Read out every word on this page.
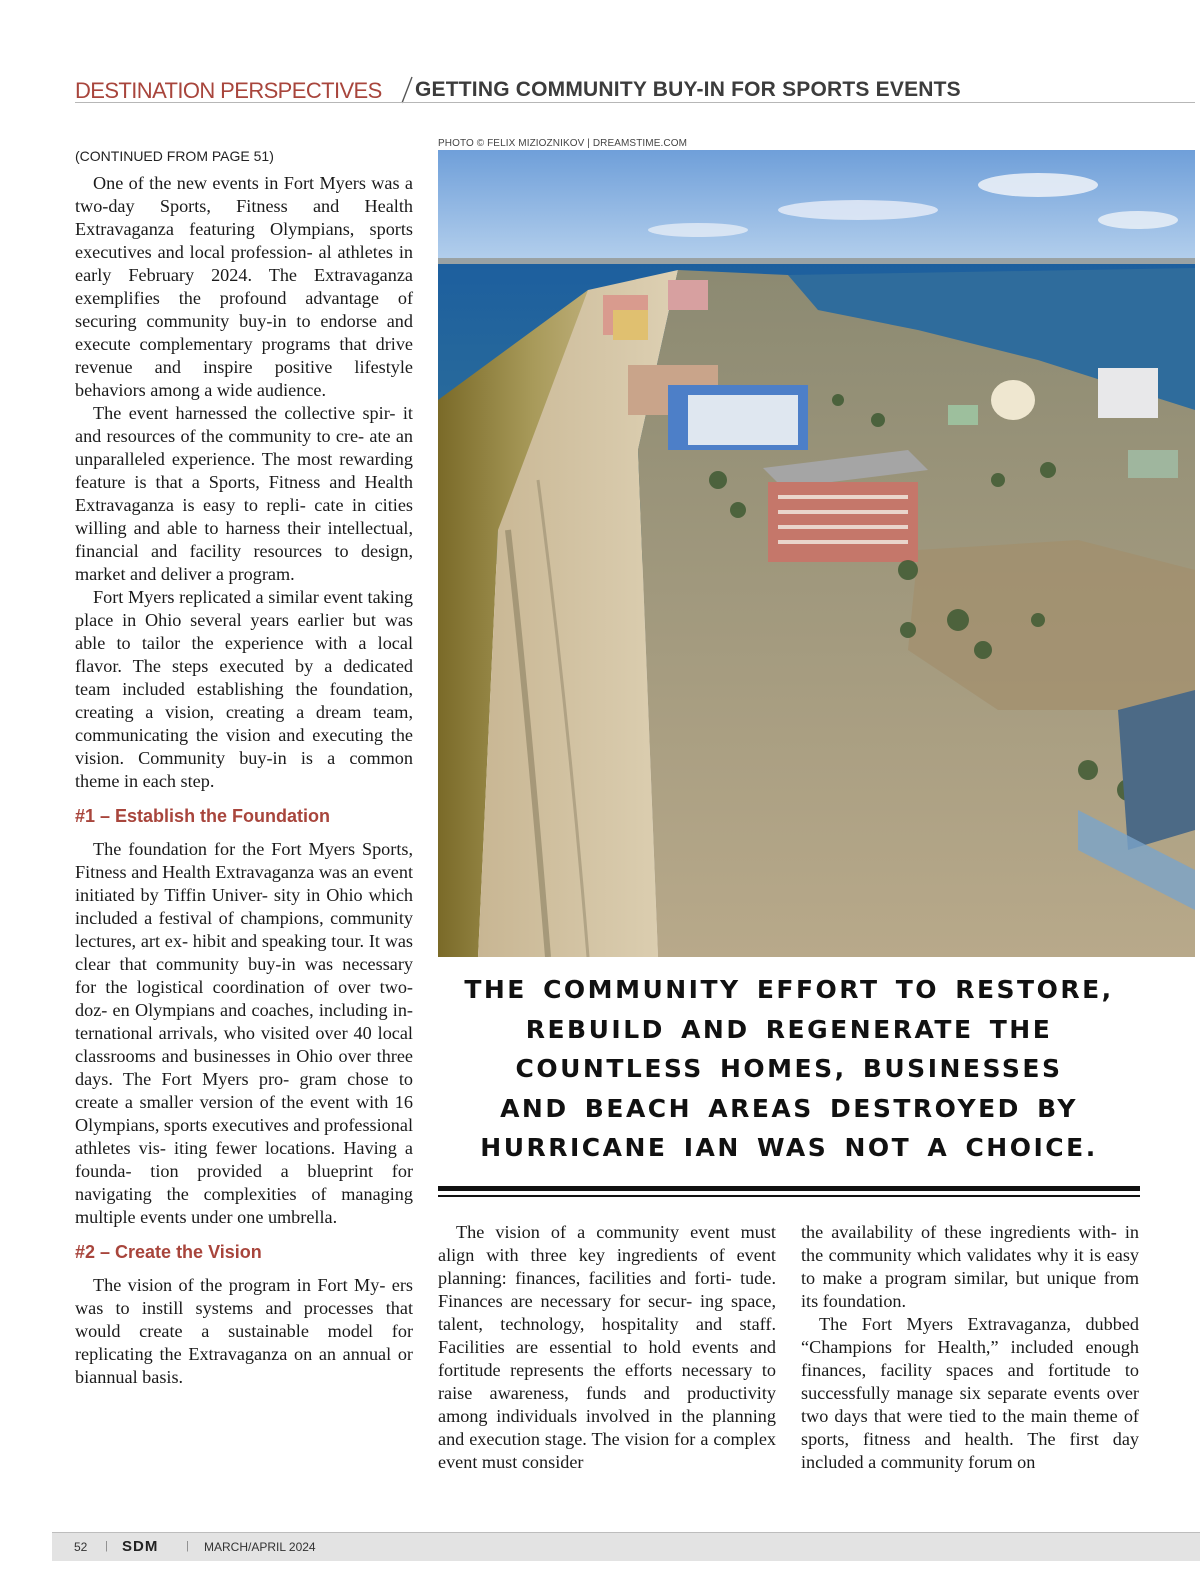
DESTINATION PERSPECTIVES GETTING COMMUNITY BUY-IN FOR SPORTS EVENTS
(CONTINUED FROM PAGE 51)

One of the new events in Fort Myers was a two-day Sports, Fitness and Health Extravaganza featuring Olympians, sports executives and local profession- al athletes in early February 2024. The Extravaganza exemplifies the profound advantage of securing community buy-in to endorse and execute complementary programs that drive revenue and inspire positive lifestyle behaviors among a wide audience.

The event harnessed the collective spir- it and resources of the community to cre- ate an unparalleled experience. The most rewarding feature is that a Sports, Fitness and Health Extravaganza is easy to repli- cate in cities willing and able to harness their intellectual, financial and facility resources to design, market and deliver a program.

Fort Myers replicated a similar event taking place in Ohio several years earlier but was able to tailor the experience with a local flavor. The steps executed by a dedicated team included establishing the foundation, creating a vision, creating a dream team, communicating the vision and executing the vision. Community buy-in is a common theme in each step.

#1 – Establish the Foundation

The foundation for the Fort Myers Sports, Fitness and Health Extravaganza was an event initiated by Tiffin Univer- sity in Ohio which included a festival of champions, community lectures, art ex- hibit and speaking tour. It was clear that community buy-in was necessary for the logistical coordination of over two-doz- en Olympians and coaches, including in- ternational arrivals, who visited over 40 local classrooms and businesses in Ohio over three days. The Fort Myers pro- gram chose to create a smaller version of the event with 16 Olympians, sports executives and professional athletes vis- iting fewer locations. Having a founda- tion provided a blueprint for navigating the complexities of managing multiple events under one umbrella.

#2 – Create the Vision

The vision of the program in Fort My- ers was to instill systems and processes that would create a sustainable model for replicating the Extravaganza on an annual or biannual basis.

PHOTO © FELIX MIZIOZNIKOV | DREAMSTIME.COM
THE COMMUNITY EFFORT TO RESTORE,
REBUILD AND REGENERATE THE
COUNTLESS HOMES, BUSINESSES
AND BEACH AREAS DESTROYED BY
HURRICANE IAN WAS NOT A CHOICE.

The vision of a community event must align with three key ingredients of event planning: finances, facilities and forti- tude. Finances are necessary for secur- ing space, talent, technology, hospitality and staff. Facilities are essential to hold events and fortitude represents the efforts necessary to raise awareness, funds and productivity among individuals involved in the planning and execution stage. The vision for a complex event must consider

the availability of these ingredients with- in the community which validates why it is easy to make a program similar, but unique from its foundation.

The Fort Myers Extravaganza, dubbed “Champions for Health,” included enough finances, facility spaces and fortitude to successfully manage six separate events over two days that were tied to the main theme of sports, fitness and health. The first day included a community forum on

52 | SDM	| MARCH/APRIL 2024
